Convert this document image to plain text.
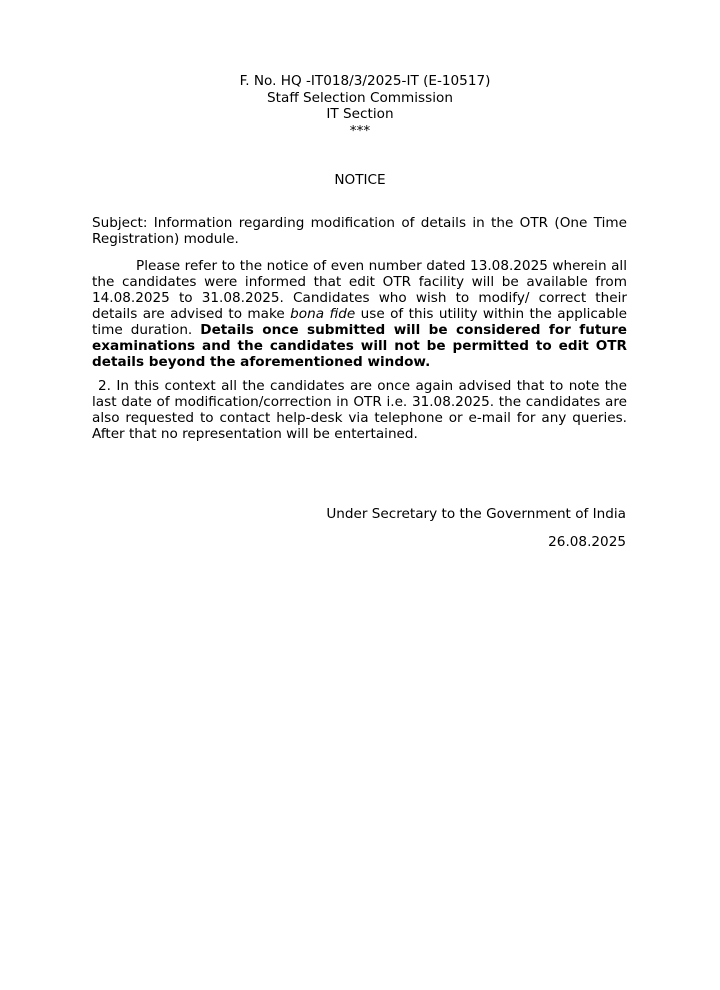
F. No. HQ -IT018/3/2025-IT (E-10517)
Staff Selection Commission
IT Section
***
NOTICE
Subject: Information regarding modification of details in the OTR (One Time Registration) module.
Please refer to the notice of even number dated 13.08.2025 wherein all the candidates were informed that edit OTR facility will be available from 14.08.2025 to 31.08.2025. Candidates who wish to modify/ correct their details are advised to make bona fide use of this utility within the applicable time duration. Details once submitted will be considered for future examinations and the candidates will not be permitted to edit OTR details beyond the aforementioned window.
2. In this context all the candidates are once again advised that to note the last date of modification/correction in OTR i.e. 31.08.2025. the candidates are also requested to contact help-desk via telephone or e-mail for any queries. After that no representation will be entertained.
Under Secretary to the Government of India
26.08.2025
